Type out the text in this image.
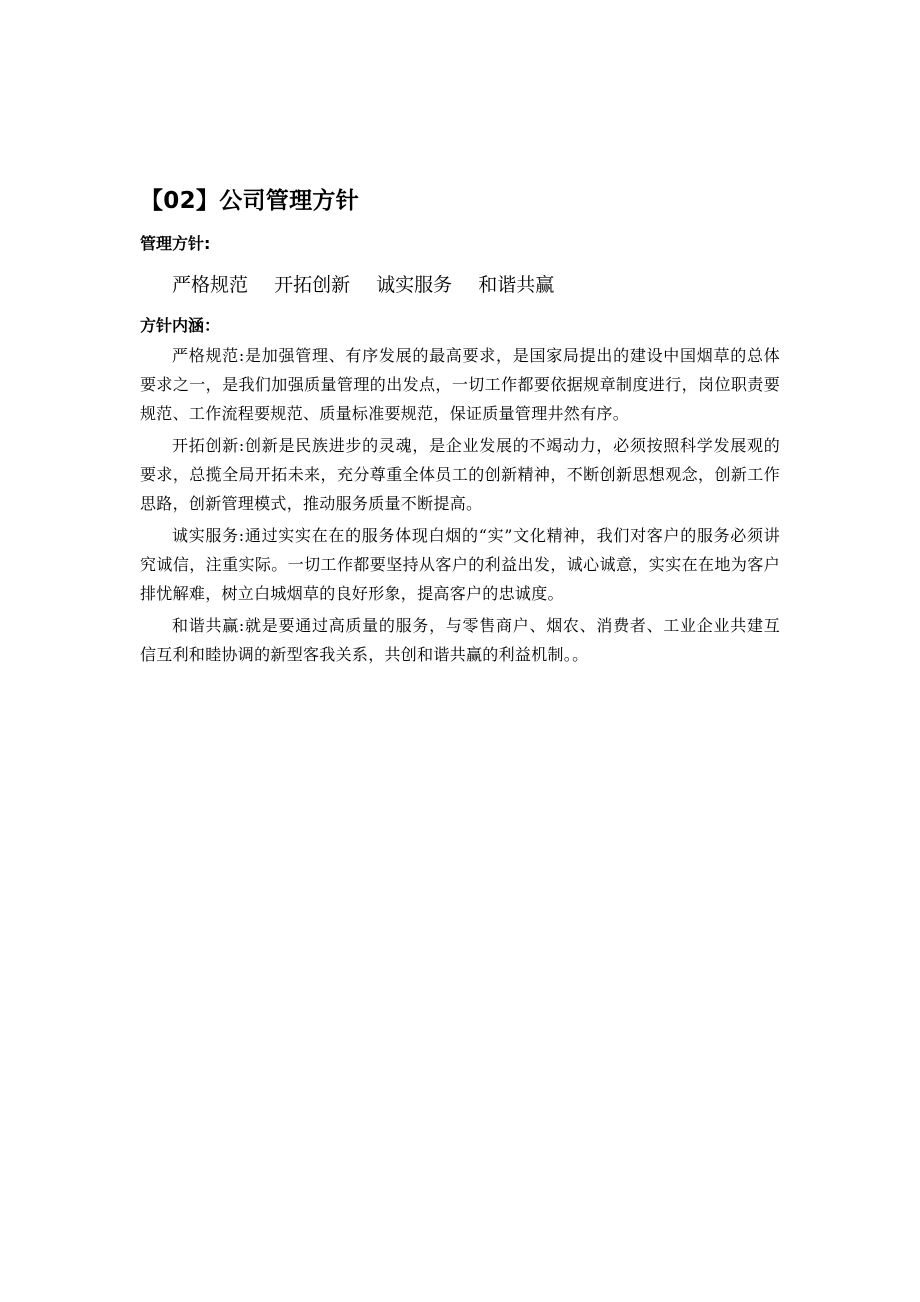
【02】公司管理方针
管理方针:
严格规范 开拓创新 诚实服务 和谐共赢
方针内涵：

严格规范:是加强管理、有序发展的最高要求，是国家局提出的建设中国烟草的总体要求之一，是我们加强质量管理的出发点，一切工作都要依据规章制度进行，岗位职责要规范、工作流程要规范、质量标准要规范，保证质量管理井然有序。

开拓创新:创新是民族进步的灵魂，是企业发展的不竭动力，必须按照科学发展观的要求，总揽全局开拓未来，充分尊重全体员工的创新精神，不断创新思想观念，创新工作思路，创新管理模式，推动服务质量不断提高。

诚实服务:通过实实在在的服务体现白烟的“实”文化精神，我们对客户的服务必须讲究诚信，注重实际。一切工作都要坚持从客户的利益出发，诚心诚意，实实在在地为客户排忧解难，树立白城烟草的良好形象，提高客户的忠诚度。

和谐共赢:就是要通过高质量的服务，与零售商户、烟农、消费者、工业企业共建互信互利和睦协调的新型客我关系，共创和谐共赢的利益机制。。
